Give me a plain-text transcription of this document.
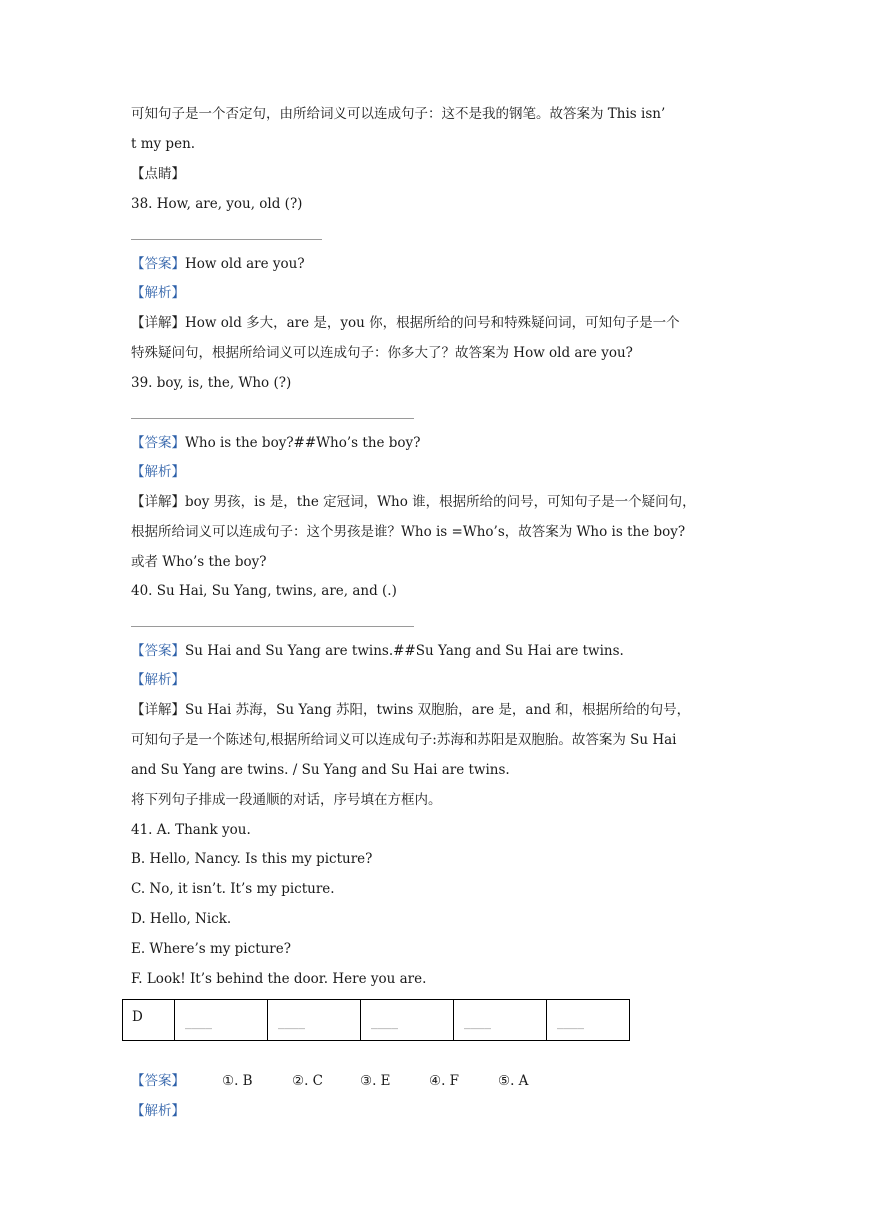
可知句子是一个否定句，由所给词义可以连成句子：这不是我的钢笔。故答案为 This isn’
t my pen.
【点睛】
38. How, are, you, old (?)
【答案】How old are you?
【解析】
【详解】How old 多大，are 是，you 你，根据所给的问号和特殊疑问词，可知句子是一个
特殊疑问句，根据所给词义可以连成句子：你多大了？故答案为 How old are you?
39. boy, is, the, Who (?)
【答案】Who is the boy?##Who’s the boy?
【解析】
【详解】boy 男孩，is 是，the 定冠词，Who 谁，根据所给的问号，可知句子是一个疑问句，
根据所给词义可以连成句子：这个男孩是谁？Who is =Who’s，故答案为 Who is the boy?
或者 Who’s the boy?
40. Su Hai, Su Yang, twins, are, and (.)
【答案】Su Hai and Su Yang are twins.##Su Yang and Su Hai are twins.
【解析】
【详解】Su Hai 苏海，Su Yang 苏阳，twins 双胞胎，are 是，and 和，根据所给的句号，
可知句子是一个陈述句,根据所给词义可以连成句子:苏海和苏阳是双胞胎。故答案为 Su Hai
and Su Yang are twins. / Su Yang and Su Hai are twins.
将下列句子排成一段通顺的对话，序号填在方框内。
41. A. Thank you.
B. Hello, Nancy. Is this my picture?
C. No, it isn’t. It’s my picture.
D. Hello, Nick.
E. Where’s my picture?
F. Look! It’s behind the door. Here you are.
D	____	____	____	____	____
【答案】	①. B	②. C	③. E	④. F	⑤. A
【解析】
